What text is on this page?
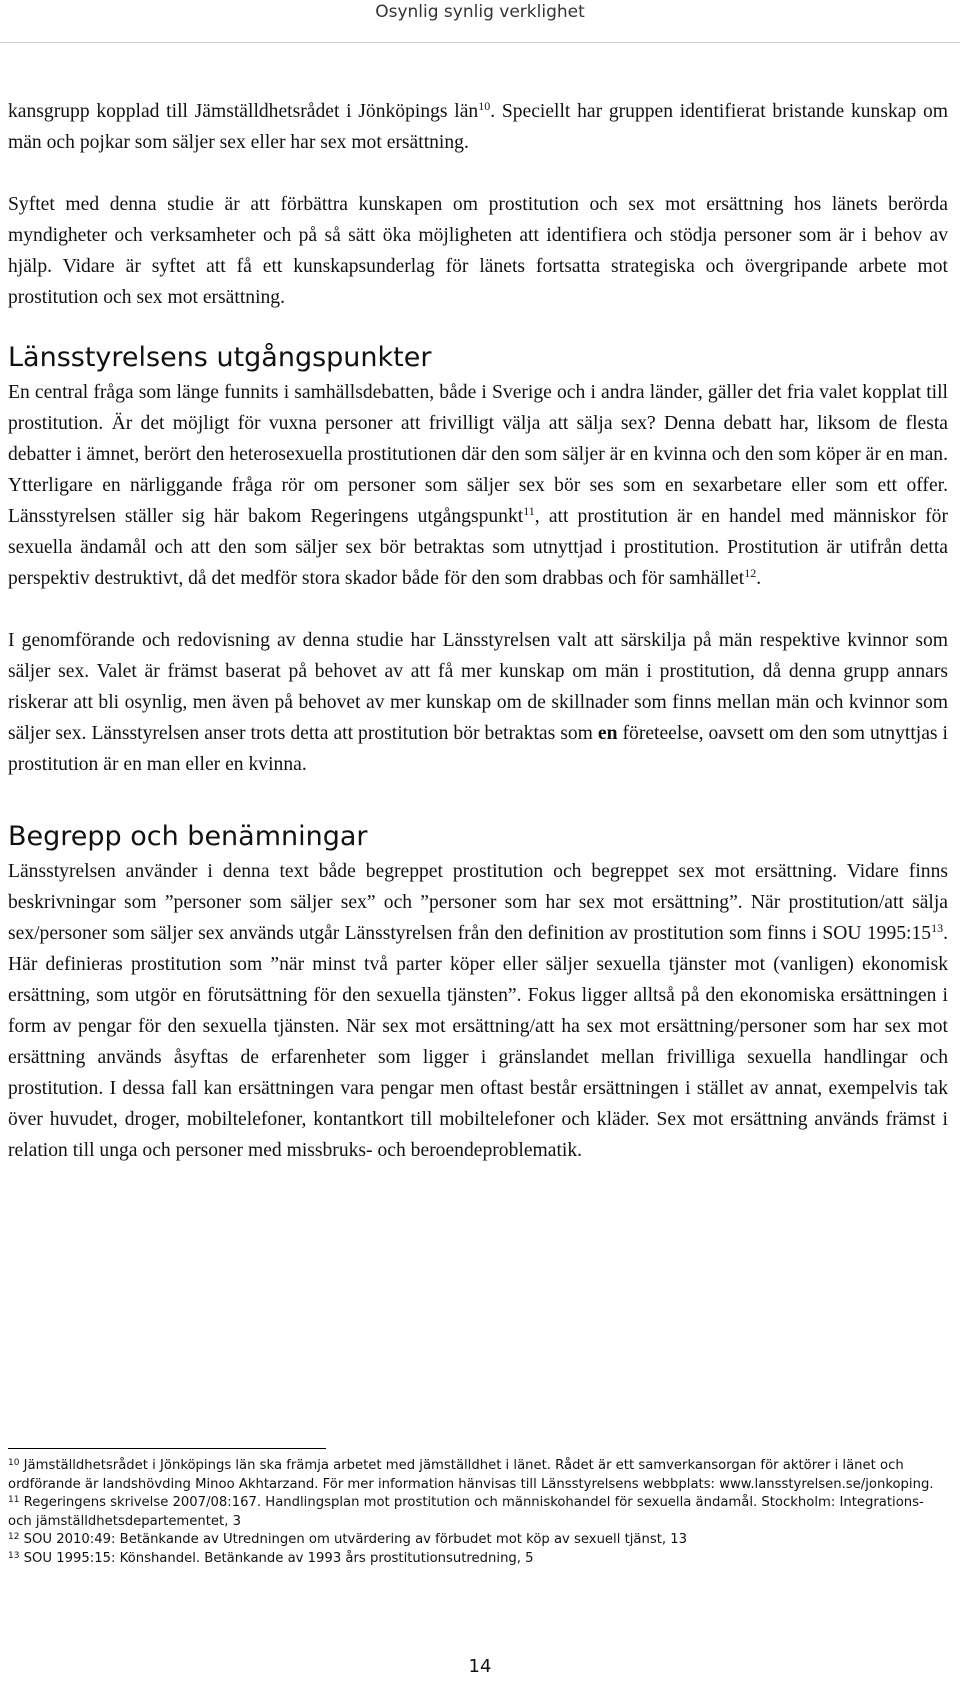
Osynlig synlig verklighet

kansgrupp kopplad till Jämställdhetsrådet i Jönköpings län$^{10}$. Speciellt har gruppen identifierat bristande kunskap om män och pojkar som säljer sex eller har sex mot ersättning.

Syftet med denna studie är att förbättra kunskapen om prostitution och sex mot ersättning hos länets berörda myndigheter och verksamheter och på så sätt öka möjligheten att identifiera och stödja personer som är i behov av hjälp. Vidare är syftet att få ett kunskapsunderlag för länets fortsatta strategiska och övergripande arbete mot prostitution och sex mot ersättning.

Länsstyrelsens utgångspunkter

En central fråga som länge funnits i samhällsdebatten, både i Sverige och i andra länder, gäller det fria valet kopplat till prostitution. Är det möjligt för vuxna personer att frivilligt välja att sälja sex? Denna debatt har, liksom de flesta debatter i ämnet, berört den heterosexuella prostitutionen där den som säljer är en kvinna och den som köper är en man. Ytterligare en närliggande fråga rör om personer som säljer sex bör ses som en sexarbetare eller som ett offer. Länsstyrelsen ställer sig här bakom Regeringens utgångspunkt$^{11}$, att prostitution är en handel med människor för sexuella ändamål och att den som säljer sex bör betraktas som utnyttjad i prostitution. Prostitution är utifrån detta perspektiv destruktivt, då det medför stora skador både för den som drabbas och för samhället$^{12}$.

I genomförande och redovisning av denna studie har Länsstyrelsen valt att särskilja på män respektive kvinnor som säljer sex. Valet är främst baserat på behovet av att få mer kunskap om män i prostitution, då denna grupp annars riskerar att bli osynlig, men även på behovet av mer kunskap om de skillnader som finns mellan män och kvinnor som säljer sex. Länsstyrelsen anser trots detta att prostitution bör betraktas som en företeelse, oavsett om den som utnyttjas i prostitution är en man eller en kvinna.

Begrepp och benämningar

Länsstyrelsen använder i denna text både begreppet prostitution och begreppet sex mot ersättning. Vidare finns beskrivningar som ”personer som säljer sex” och ”personer som har sex mot ersättning”. När prostitution/att sälja sex/personer som säljer sex används utgår Länsstyrelsen från den definition av prostitution som finns i SOU $1995:15^{13}$. Här definieras prostitution som ”när minst två parter köper eller säljer sexuella tjänster mot (vanligen) ekonomisk ersättning, som utgör en förutsättning för den sexuella tjänsten”. Fokus ligger alltså på den ekonomiska ersättningen i form av pengar för den sexuella tjänsten. När sex mot ersättning/att ha sex mot ersättning/personer som har sex mot ersättning används åsyftas de erfarenheter som ligger i gränslandet mellan frivilliga sexuella handlingar och prostitution. I dessa fall kan ersättningen vara pengar men oftast består ersättningen i stället av annat, exempelvis tak över huvudet, droger, mobiltelefoner, kontantkort till mobiltelefoner och kläder. Sex mot ersättning används främst i relation till unga och personer med missbruks- och beroendeproblematik.

$^{10}$ Jämställdhetsrådet i Jönköpings län ska främja arbetet med jämställdhet i länet. Rådet är ett samverkansorgan för aktörer i länet och ordförande är landshövding Minoo Akhtarzand. För mer information hänvisas till Länsstyrelsens webbplats: www.lansstyrelsen.se/jonkoping.

$^{11}$ Regeringens skrivelse 2007/08:167. Handlingsplan mot prostitution och människohandel för sexuella ändamål. Stockholm: Integrations- och jämställdhetsdepartementet, 3

$^{12}$ SOU 2010:49: Betänkande av Utredningen om utvärdering av förbudet mot köp av sexuell tjänst, 13

$^{13}$ SOU 1995:15: Könshandel. Betänkande av 1993 års prostitutionsutredning, 5

14
